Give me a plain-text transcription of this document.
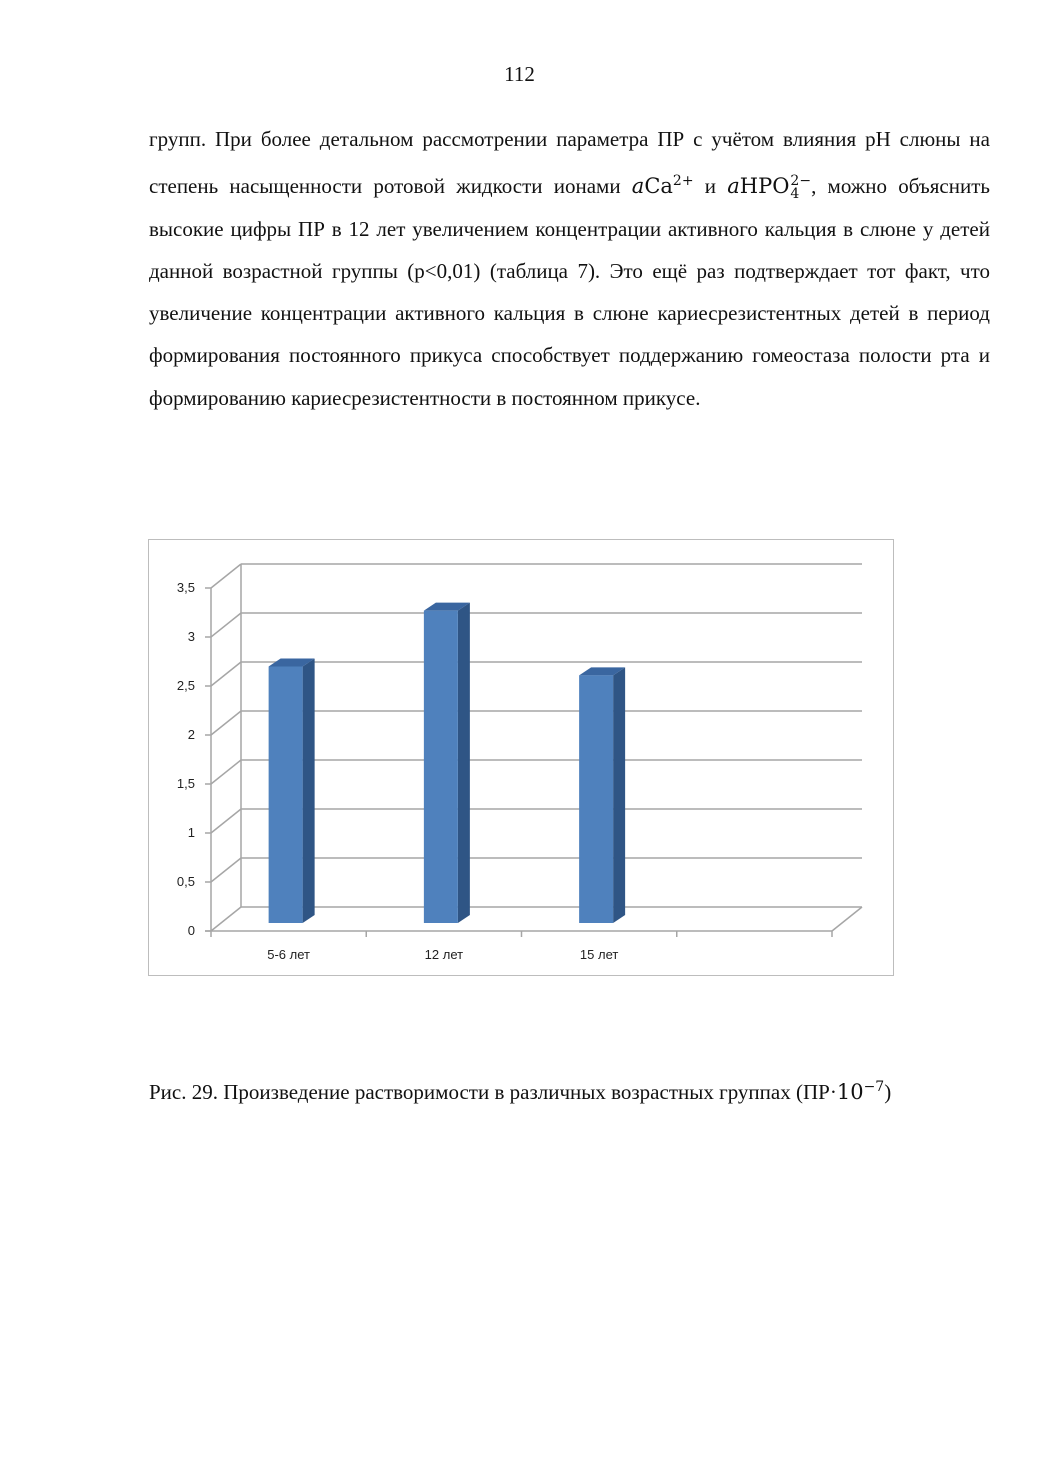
112

групп. При более детальном рассмотрении параметра ПР с учётом влияния pH слюны на степень насыщенности ротовой жидкости ионами aCa$^{2+}$ и aHPO 2−
4 , можно объяснить высокие цифры ПР в 12 лет увеличением концентрации активного кальция в слюне у детей данной возрастной группы (p<0,01) (таблица 7). Это ещё раз подтверждает тот факт, что увеличение концентрации активного кальция в слюне кариесрезистентных детей в период формирования постоянного прикуса способствует поддержанию гомеостаза полости рта и формированию кариесрезистентности в постоянном прикусе.

0
0,5
1
1,5
2
2,5
3
3,5
5-6 лет	12 лет	15 лет

Рис. 29. Произведение растворимости в различных возрастных группах $(ПР\cdot 10^{-7})$
